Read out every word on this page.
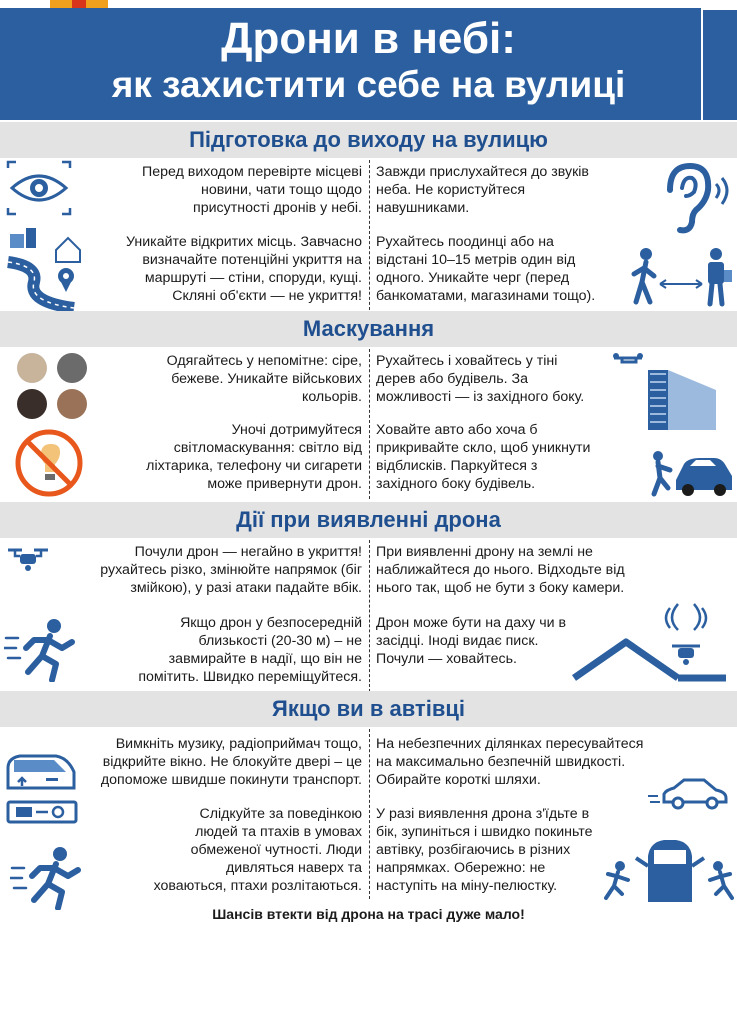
Дрони в небі:
як захистити себе на вулиці
Підготовка до виходу на вулицю
Перед виходом перевірте місцеві
новини, чати тощо щодо
присутності дронів у небі.
Завжди прислухайтеся до звуків
неба. Не користуйтеся
навушниками.
Уникайте відкритих місць. Завчасно
визначайте потенційні укриття на
маршруті — стіни, споруди, кущі.
Скляні об'єкти — не укриття!
Рухайтесь поодинці або на
відстані 10–15 метрів один від
одного. Уникайте черг (перед
банкоматами, магазинами тощо).
Маскування
Одягайтесь у непомітне: сіре,
бежеве. Уникайте військових
кольорів.
Рухайтесь і ховайтесь у тіні
дерев або будівель. За
можливості — із західного боку.
Уночі дотримуйтеся
світломаскування: світло від
ліхтарика, телефону чи сигарети
може привернути дрон.
Ховайте авто або хоча б
прикривайте скло, щоб уникнути
відблисків. Паркуйтеся з
західного боку будівель.
Дії при виявленні дрона
Почули дрон — негайно в укриття!
рухайтесь різко, змінюйте напрямок (біг
змійкою), у разі атаки падайте вбік.
При виявленні дрону на землі не
наближайтеся до нього. Відходьте від
нього так, щоб не бути з боку камери.
Якщо дрон у безпосередній
близькості (20-30 м) – не
завмирайте в надії, що він не
помітить. Швидко переміщуйтеся.
Дрон може бути на даху чи в
засідці. Іноді видає писк.
Почули — ховайтесь.
Якщо ви в автівці
Вимкніть музику, радіоприймач тощо,
відкрийте вікно. Не блокуйте двері – це
допоможе швидше покинути транспорт.
На небезпечних ділянках пересувайтеся
на максимально безпечній швидкості.
Обирайте короткі шляхи.
Слідкуйте за поведінкою
людей та птахів в умовах
обмеженої чутності. Люди
дивляться наверх та
ховаються, птахи розлітаються.
У разі виявлення дрона з'їдьте в
бік, зупиніться і швидко покиньте
автівку, розбігаючись в різних
напрямках. Обережно: не
наступіть на міну-пелюстку.
Шансів втекти від дрона на трасі дуже мало!
